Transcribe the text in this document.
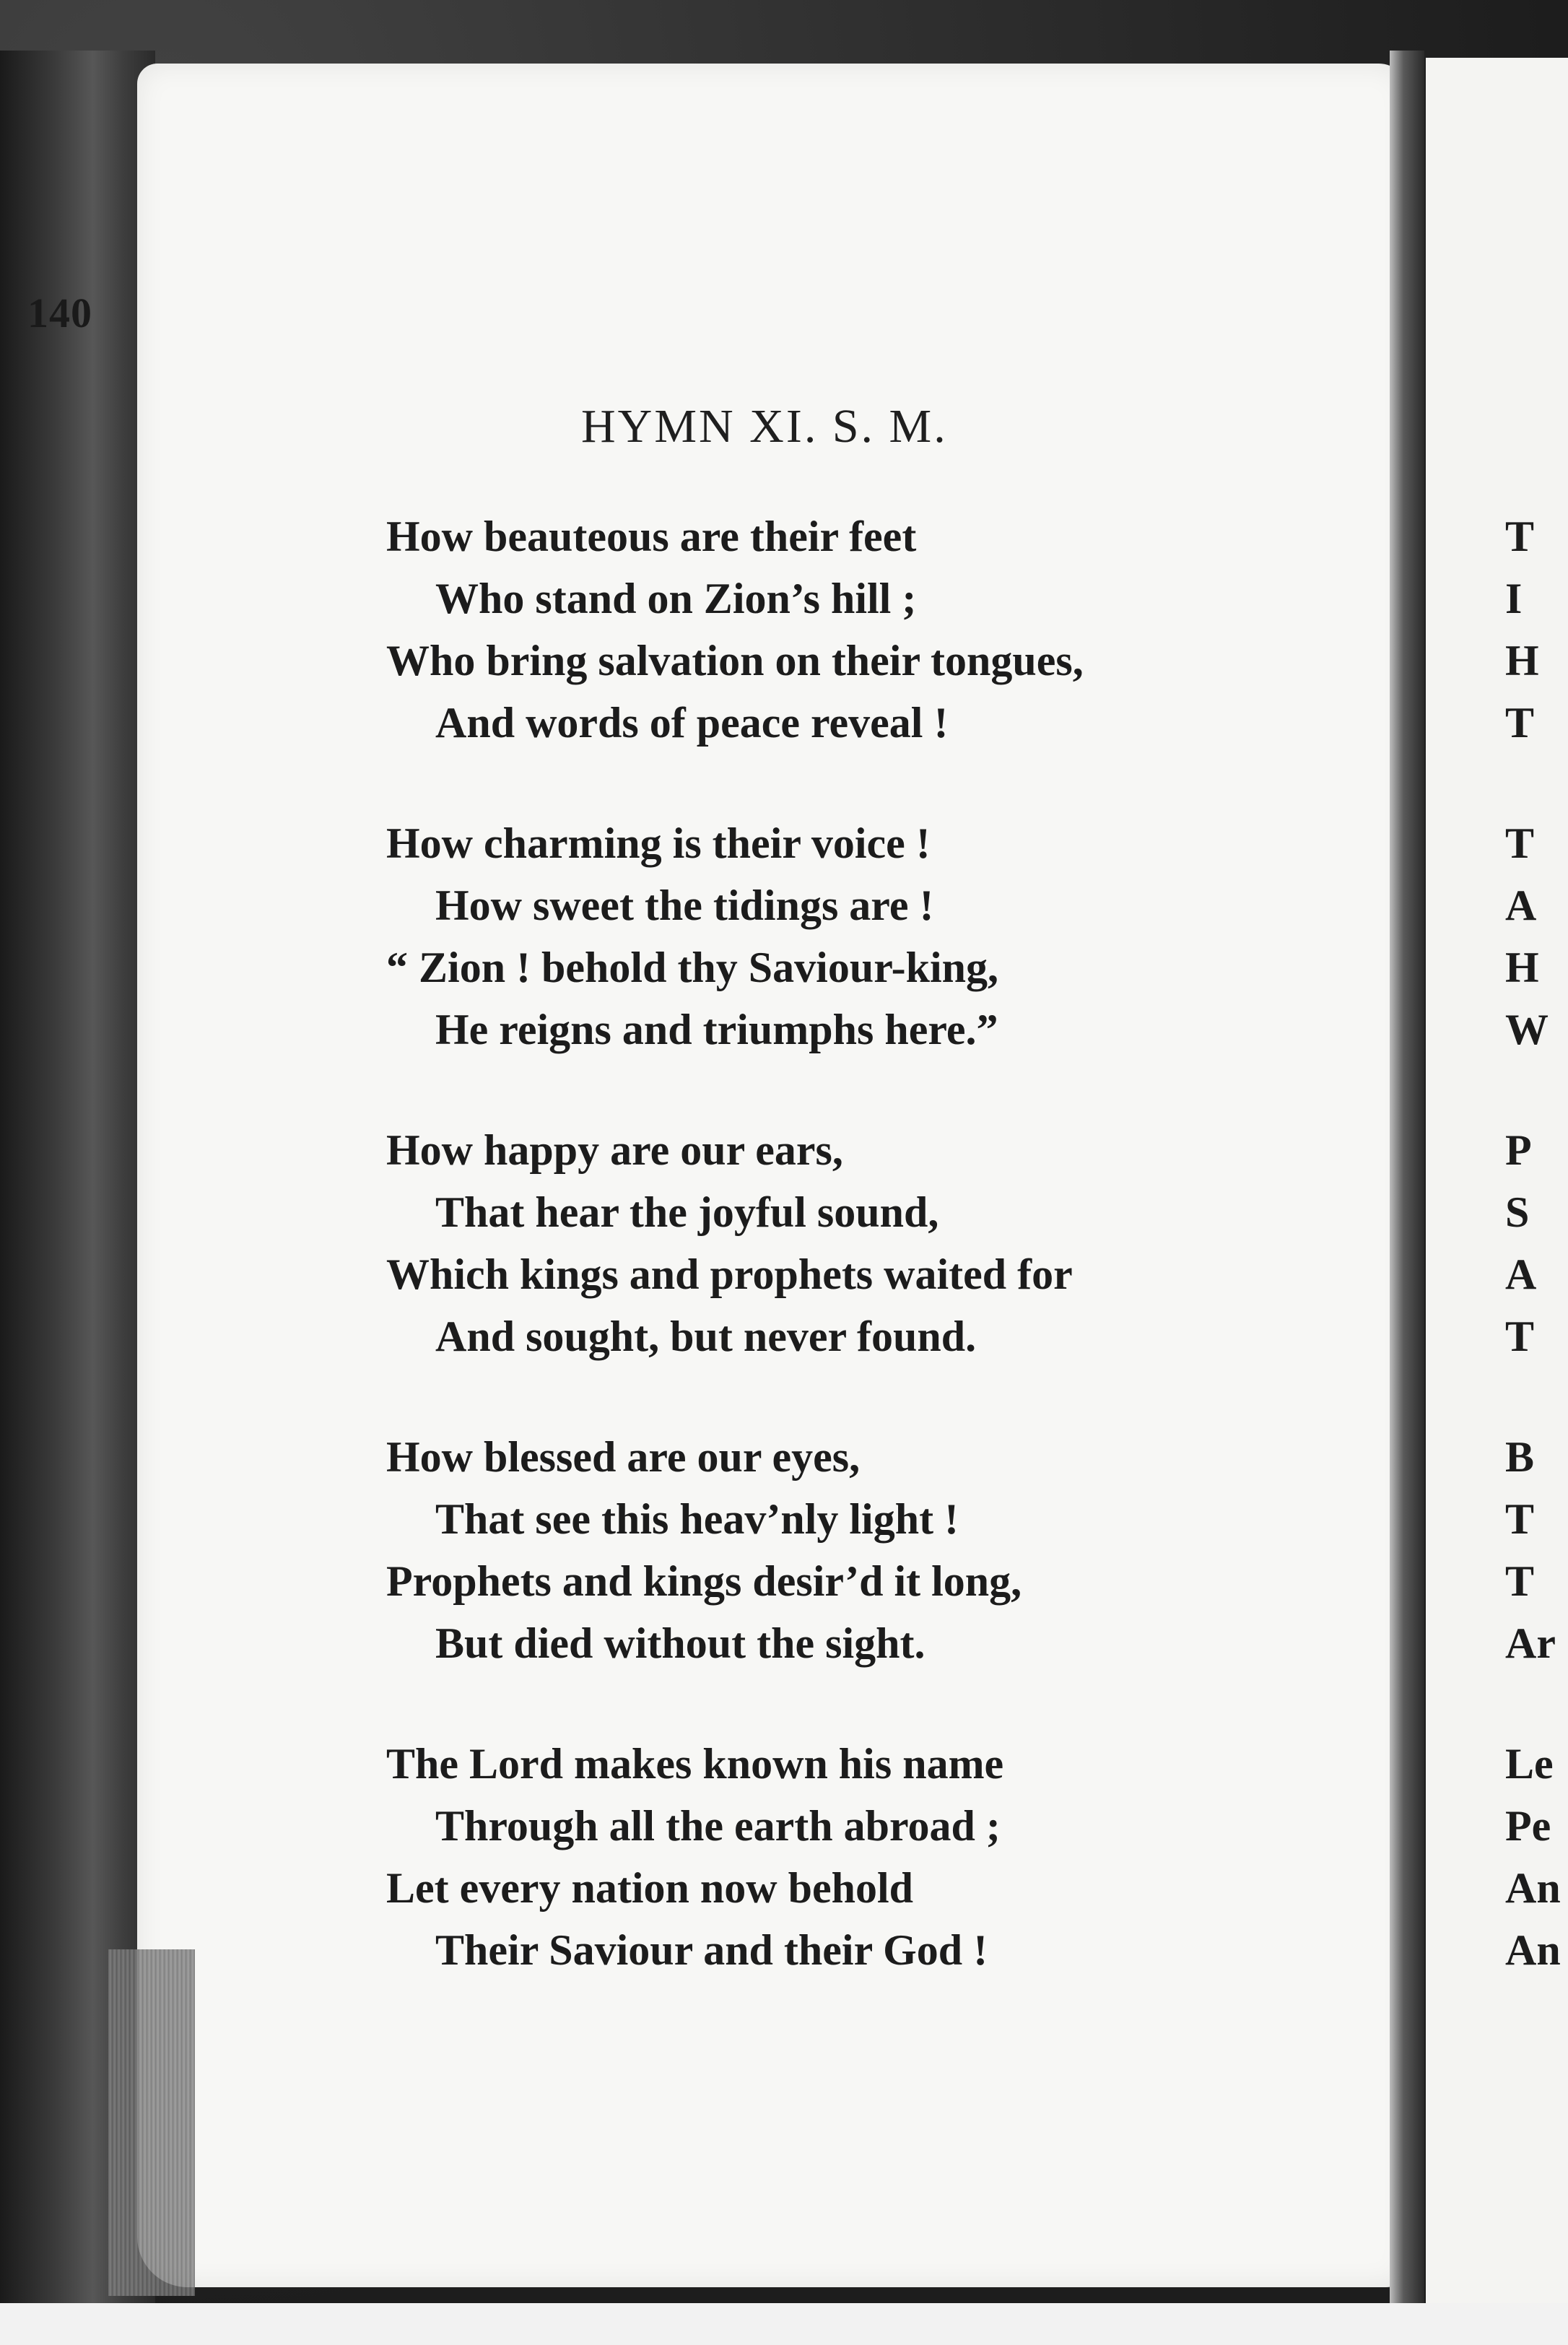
140
HYMN XI. S. M.
How beauteous are their feet
Who stand on Zion’s hill ;
Who bring salvation on their tongues,
And words of peace reveal !
How charming is their voice !
How sweet the tidings are !
“ Zion ! behold thy Saviour-king,
He reigns and triumphs here.”
How happy are our ears,
That hear the joyful sound,
Which kings and prophets waited for
And sought, but never found.
How blessed are our eyes,
That see this heav’nly light !
Prophets and kings desir’d it long,
But died without the sight.
The Lord makes known his name
Through all the earth abroad ;
Let every nation now behold
Their Saviour and their God !
T
I
H
T
T
A
H
W
P
S
A
T
B
T
T
Ar
Le
Pe
An
An
